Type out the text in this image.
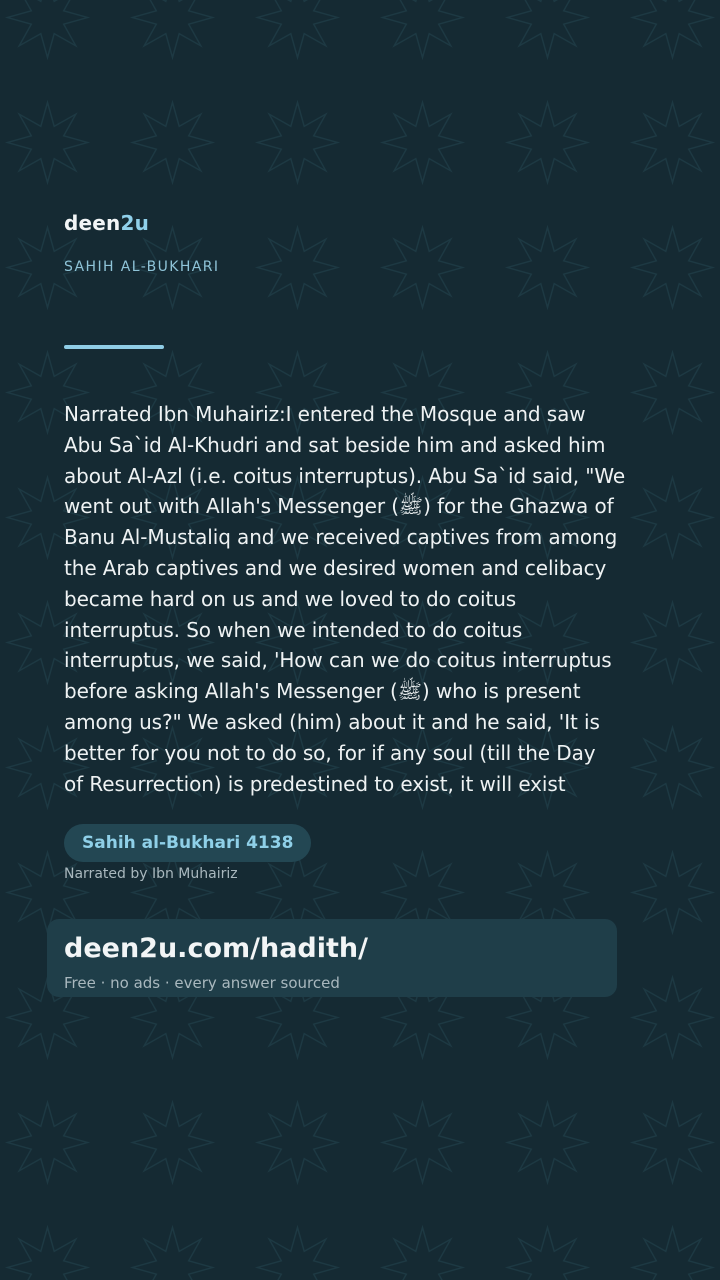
deen2u
SAHIH AL-BUKHARI
Narrated Ibn Muhairiz:I entered the Mosque and saw
Abu Sa`id Al-Khudri and sat beside him and asked him
about Al-Azl (i.e. coitus interruptus). Abu Sa`id said, "We
went out with Allah's Messenger (ﷺ) for the Ghazwa of
Banu Al-Mustaliq and we received captives from among
the Arab captives and we desired women and celibacy
became hard on us and we loved to do coitus
interruptus. So when we intended to do coitus
interruptus, we said, 'How can we do coitus interruptus
before asking Allah's Messenger (ﷺ) who is present
among us?" We asked (him) about it and he said, 'It is
better for you not to do so, for if any soul (till the Day
of Resurrection) is predestined to exist, it will exist
Sahih al-Bukhari 4138
Narrated by Ibn Muhairiz
deen2u.com/hadith/
Free · no ads · every answer sourced
